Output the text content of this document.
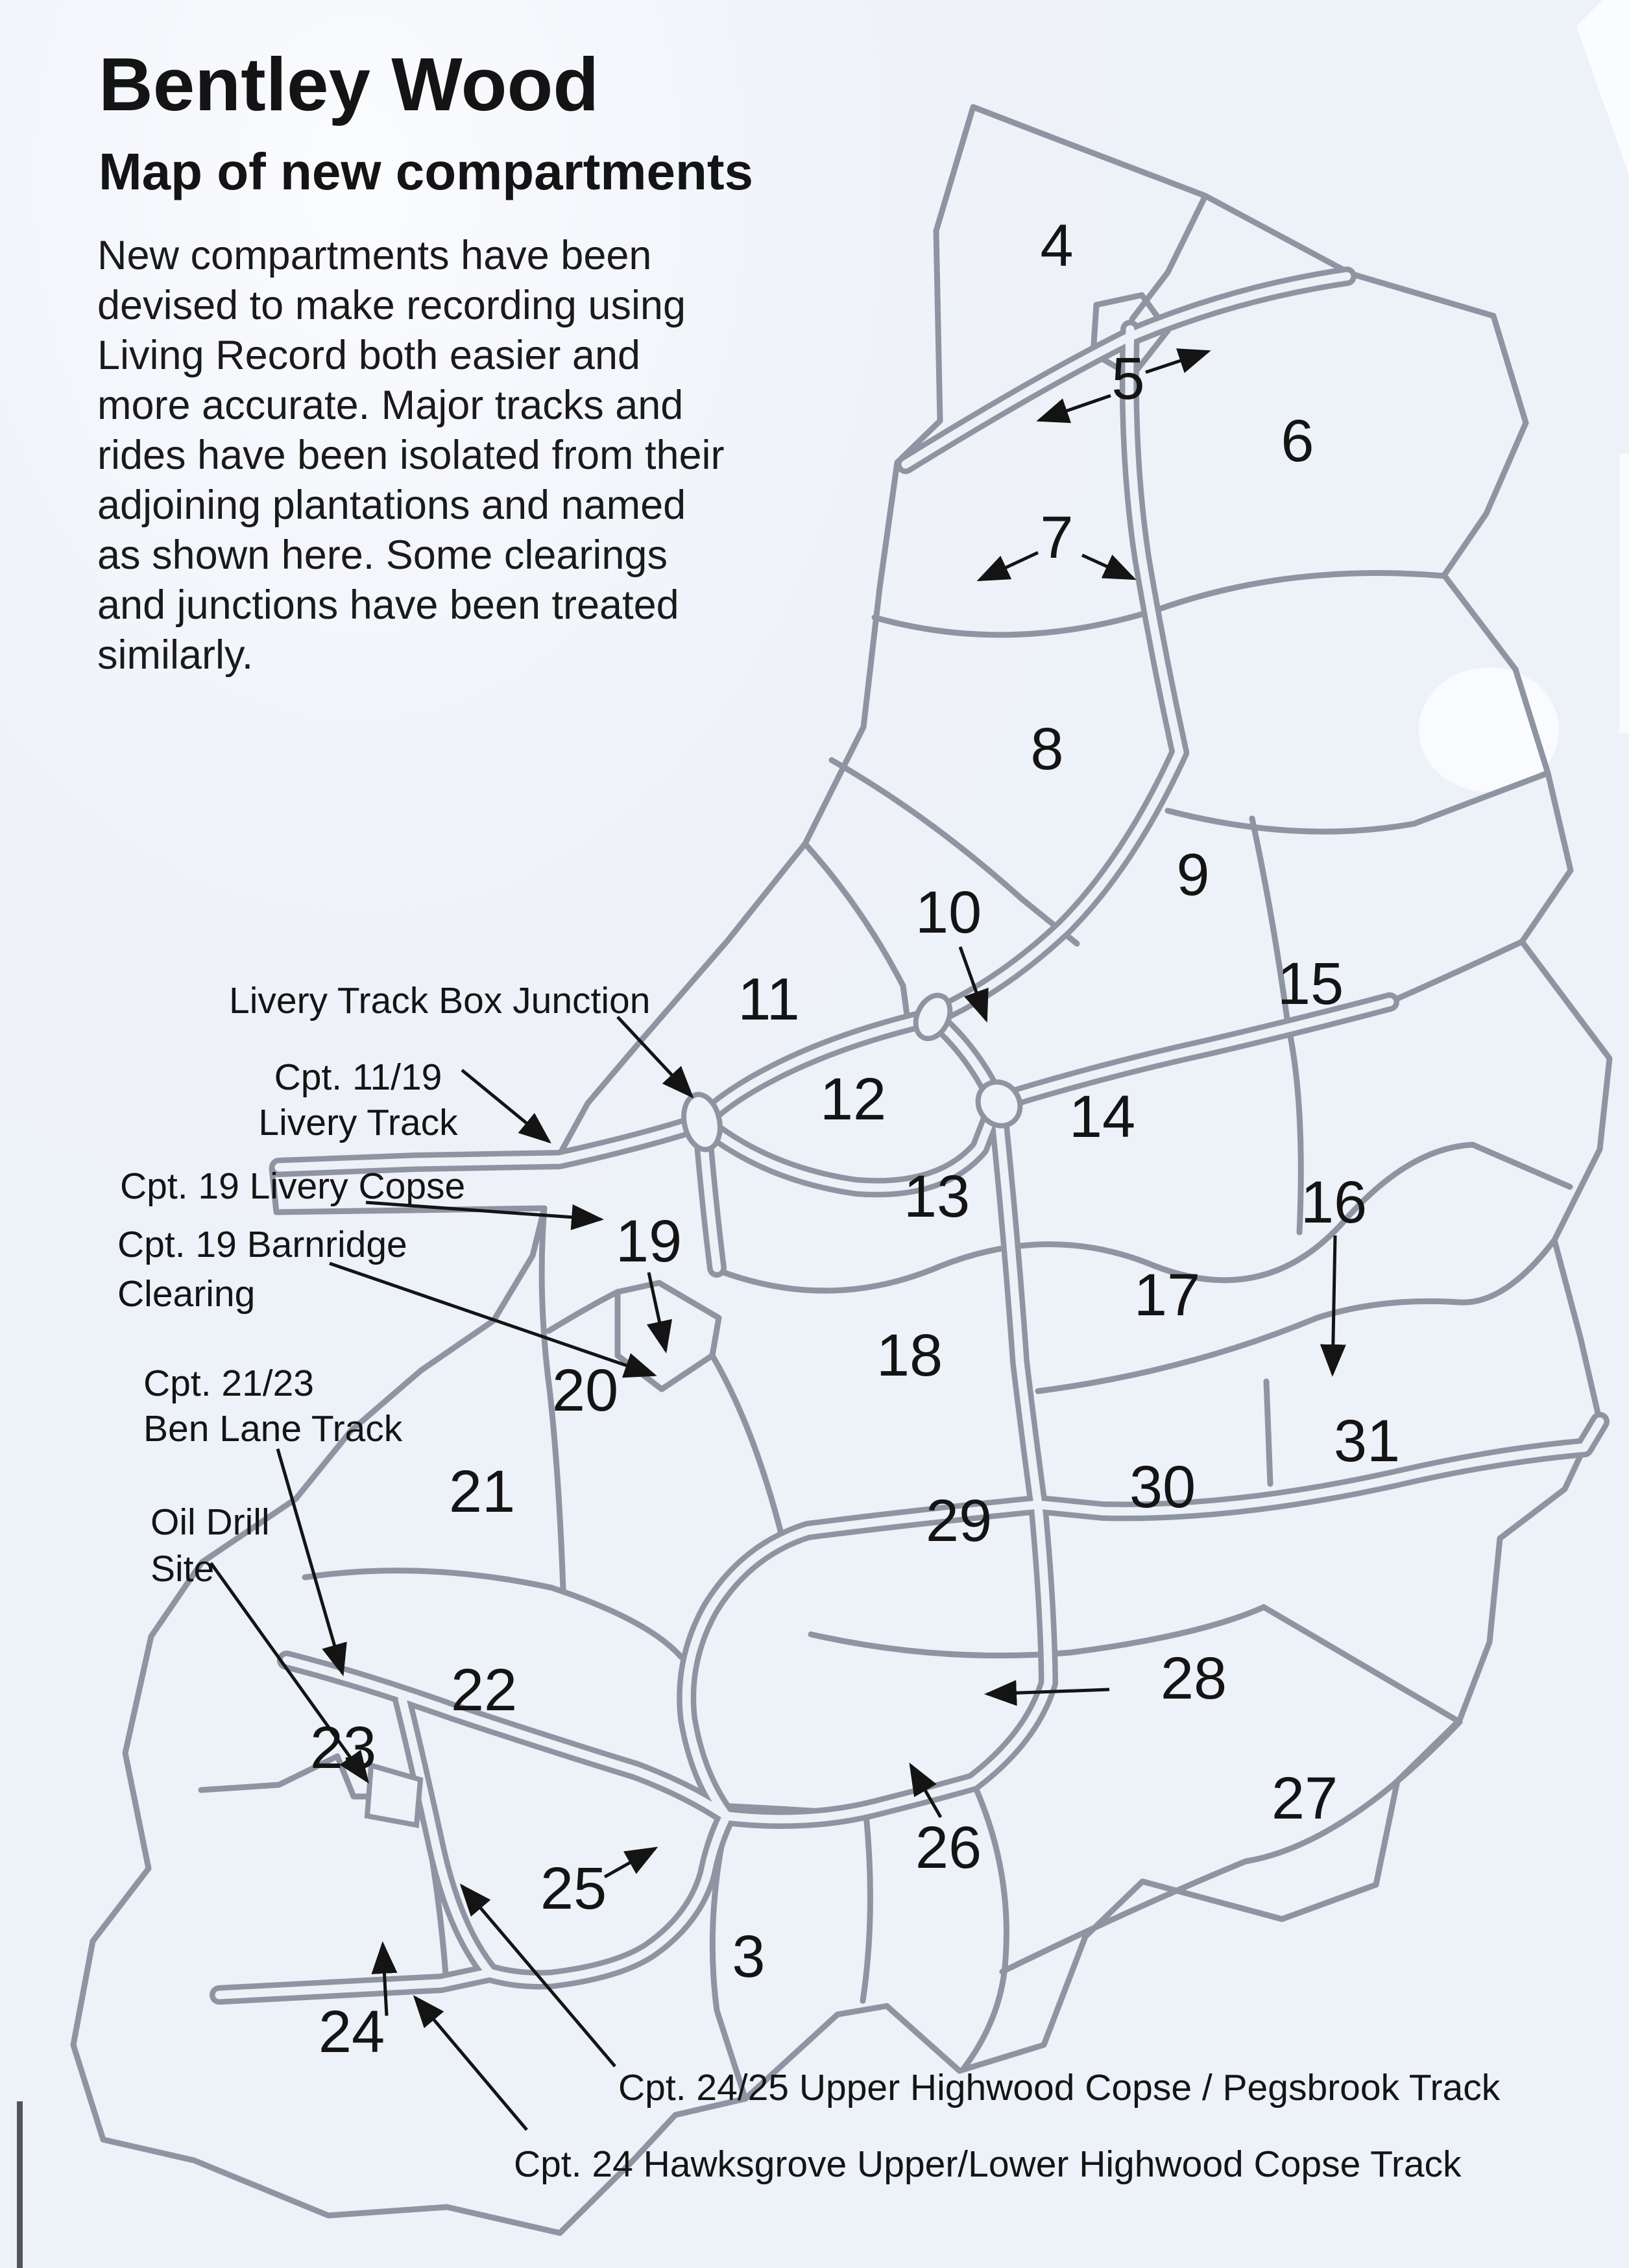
Bentley Wood
Map of new compartments
New compartments have been
devised to make recording using
Living Record both easier and
more accurate. Major tracks and
rides have been isolated from their
adjoining plantations and named
as shown here. Some clearings
and junctions have been treated
similarly.
3
4
5
6
7
8
9
10
11
12
13
14
15
16
17
18
19
20
21
22
23
24
25
26
27
28
29
30
31
Livery Track Box Junction
Cpt. 11/19
Livery Track
Cpt. 19 Livery Copse
Cpt. 19 Barnridge
Clearing
Cpt. 21/23
Ben Lane Track
Oil Drill
Site
Cpt. 24/25 Upper Highwood Copse / Pegsbrook Track
Cpt. 24 Hawksgrove Upper/Lower Highwood Copse Track
